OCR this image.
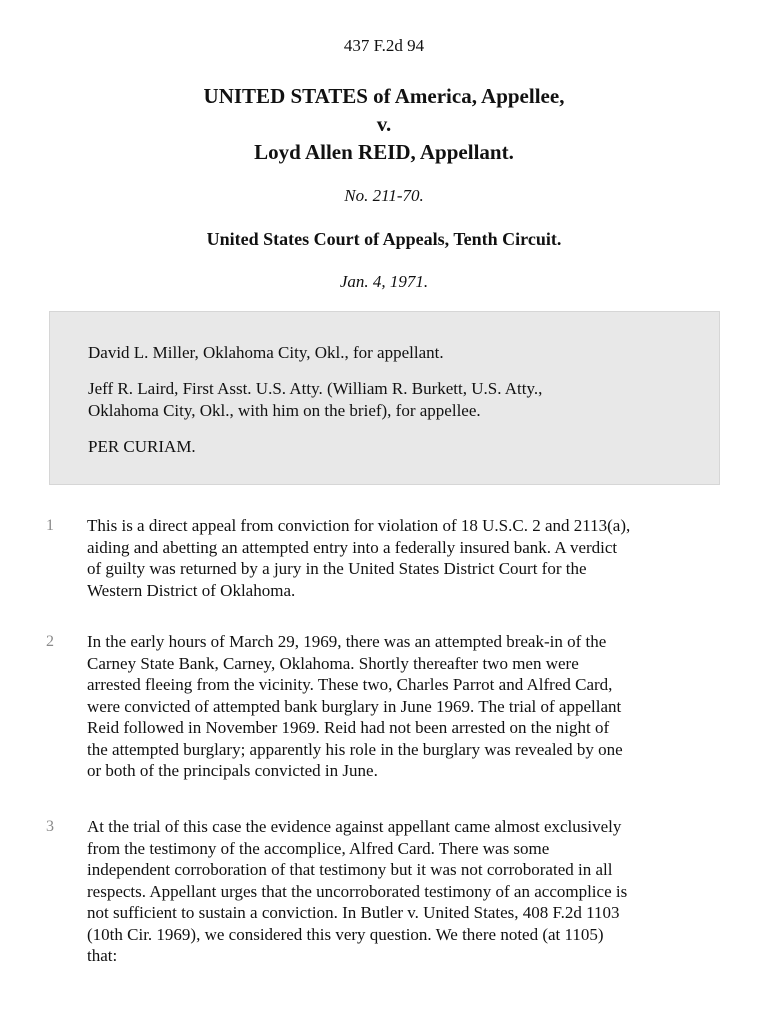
437 F.2d 94
UNITED STATES of America, Appellee,
v.
Loyd Allen REID, Appellant.
No. 211-70.
United States Court of Appeals, Tenth Circuit.
Jan. 4, 1971.

David L. Miller, Oklahoma City, Okl., for appellant.

Jeff R. Laird, First Asst. U.S. Atty. (William R. Burkett, U.S. Atty.,
Oklahoma City, Okl., with him on the brief), for appellee.

PER CURIAM.

1 This is a direct appeal from conviction for violation of 18 U.S.C. 2 and 2113(a),
aiding and abetting an attempted entry into a federally insured bank. A verdict
of guilty was returned by a jury in the United States District Court for the
Western District of Oklahoma.
2 In the early hours of March 29, 1969, there was an attempted break-in of the
Carney State Bank, Carney, Oklahoma. Shortly thereafter two men were
arrested fleeing from the vicinity. These two, Charles Parrot and Alfred Card,
were convicted of attempted bank burglary in June 1969. The trial of appellant
Reid followed in November 1969. Reid had not been arrested on the night of
the attempted burglary; apparently his role in the burglary was revealed by one
or both of the principals convicted in June.
3 At the trial of this case the evidence against appellant came almost exclusively
from the testimony of the accomplice, Alfred Card. There was some
independent corroboration of that testimony but it was not corroborated in all
respects. Appellant urges that the uncorroborated testimony of an accomplice is
not sufficient to sustain a conviction. In Butler v. United States, 408 F.2d 1103
(10th Cir. 1969), we considered this very question. We there noted (at 1105)
that:
